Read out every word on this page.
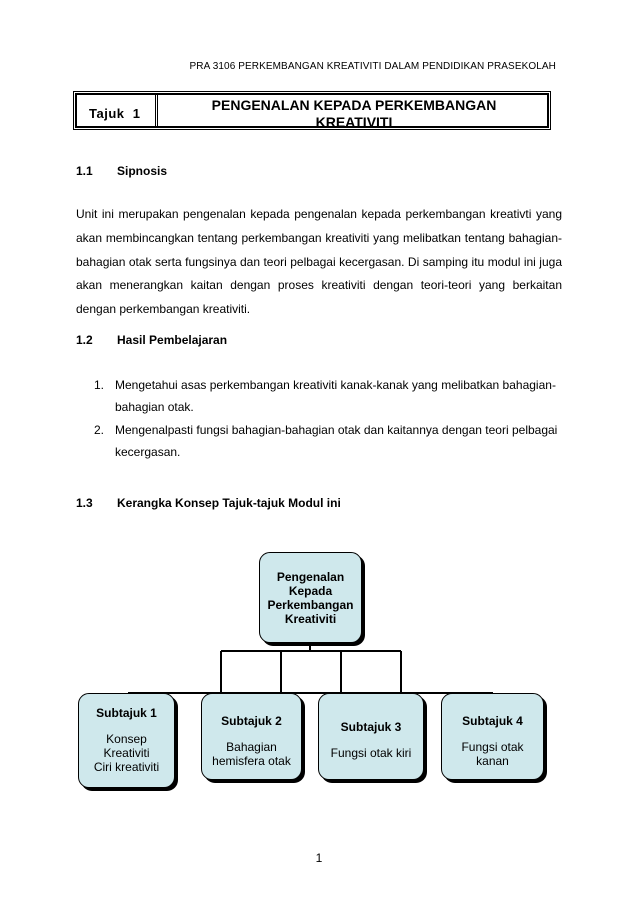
PRA 3106 PERKEMBANGAN KREATIVITI DALAM PENDIDIKAN PRASEKOLAH
Tajuk  1
PENGENALAN KEPADA PERKEMBANGAN
KREATIVITI
1.1 Sipnosis
Unit ini merupakan pengenalan kepada pengenalan kepada perkembangan kreativti yang akan membincangkan tentang perkembangan kreativiti yang melibatkan tentang bahagian-bahagian otak serta fungsinya dan teori pelbagai kecergasan. Di samping itu modul ini juga akan menerangkan kaitan dengan proses kreativiti dengan teori-teori yang berkaitan dengan perkembangan kreativiti.
1.2 Hasil Pembelajaran
1. Mengetahui asas perkembangan kreativiti kanak-kanak yang melibatkan bahagian-bahagian otak.
2. Mengenalpasti fungsi bahagian-bahagian otak dan kaitannya dengan teori pelbagai kecergasan.
1.3 Kerangka Konsep Tajuk-tajuk Modul ini
Pengenalan
Kepada
Perkembangan
Kreativiti
Subtajuk 1
Konsep
Kreativiti
Ciri kreativiti
Subtajuk 2
Bahagian
hemisfera otak
Subtajuk 3
Fungsi otak kiri
Subtajuk 4
Fungsi otak
kanan
1
